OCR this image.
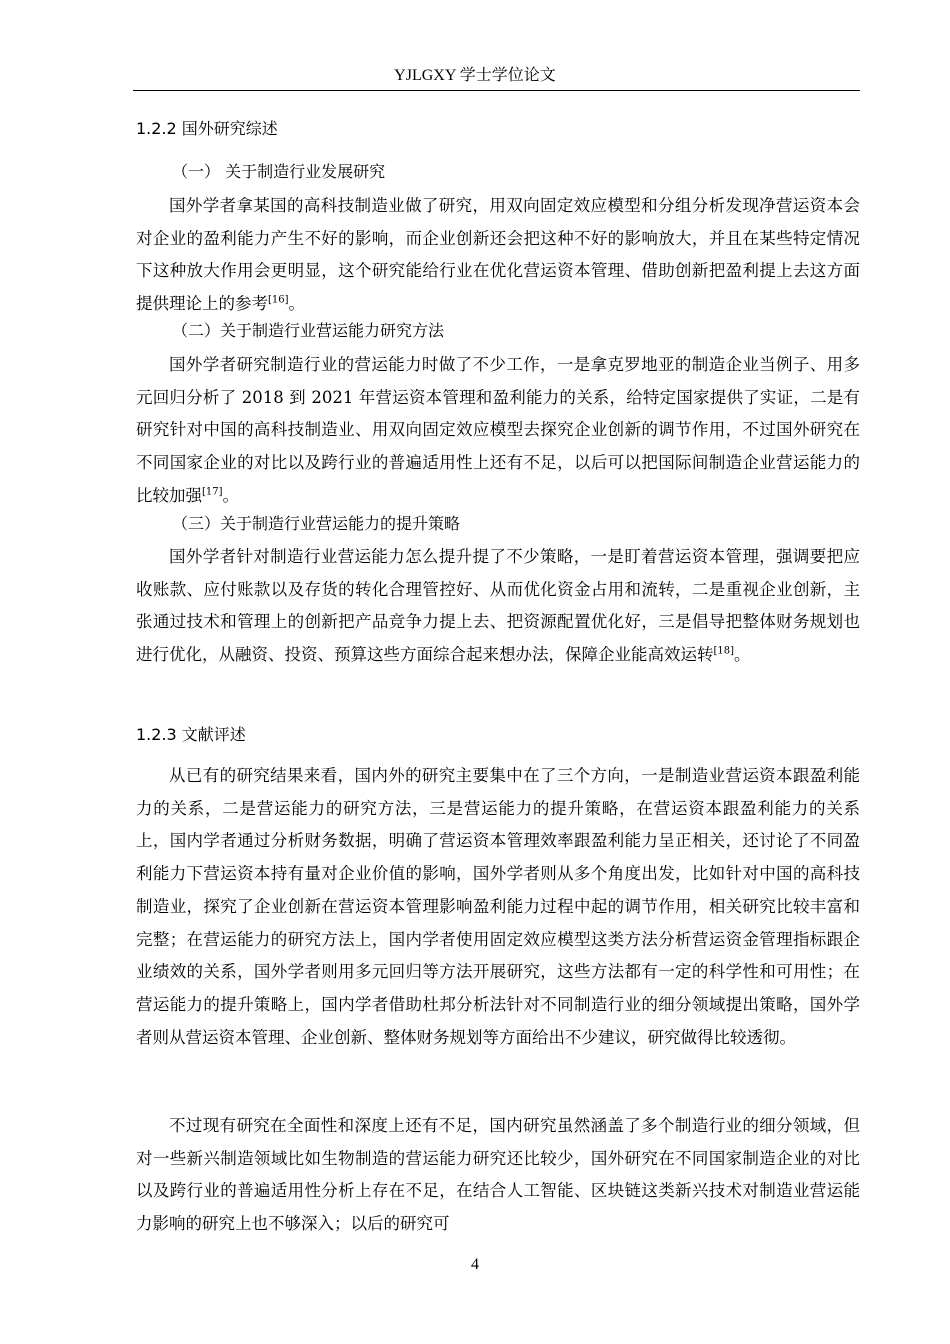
YJLGXY 学士学位论文
1.2.2 国外研究综述
（一） 关于制造行业发展研究

国外学者拿某国的高科技制造业做了研究，用双向固定效应模型和分组分析发现净营运资本会对企业的盈利能力产生不好的影响，而企业创新还会把这种不好的影响放大，并且在某些特定情况下这种放大作用会更明显，这个研究能给行业在优化营运资本管理、借助创新把盈利提上去这方面提供理论上的参考[16]。

（二）关于制造行业营运能力研究方法

国外学者研究制造行业的营运能力时做了不少工作，一是拿克罗地亚的制造企业当例子、用多元回归分析了 2018 到 2021 年营运资本管理和盈利能力的关系，给特定国家提供了实证，二是有研究针对中国的高科技制造业、用双向固定效应模型去探究企业创新的调节作用，不过国外研究在不同国家企业的对比以及跨行业的普遍适用性上还有不足，以后可以把国际间制造企业营运能力的比较加强[17]。

（三）关于制造行业营运能力的提升策略

国外学者针对制造行业营运能力怎么提升提了不少策略，一是盯着营运资本管理，强调要把应收账款、应付账款以及存货的转化合理管控好、从而优化资金占用和流转，二是重视企业创新，主张通过技术和管理上的创新把产品竞争力提上去、把资源配置优化好，三是倡导把整体财务规划也进行优化，从融资、投资、预算这些方面综合起来想办法，保障企业能高效运转[18]。

1.2.3 文献评述

从已有的研究结果来看，国内外的研究主要集中在了三个方向，一是制造业营运资本跟盈利能力的关系，二是营运能力的研究方法，三是营运能力的提升策略，在营运资本跟盈利能力的关系上，国内学者通过分析财务数据，明确了营运资本管理效率跟盈利能力呈正相关，还讨论了不同盈利能力下营运资本持有量对企业价值的影响，国外学者则从多个角度出发，比如针对中国的高科技制造业，探究了企业创新在营运资本管理影响盈利能力过程中起的调节作用，相关研究比较丰富和完整；在营运能力的研究方法上，国内学者使用固定效应模型这类方法分析营运资金管理指标跟企业绩效的关系，国外学者则用多元回归等方法开展研究，这些方法都有一定的科学性和可用性；在营运能力的提升策略上，国内学者借助杜邦分析法针对不同制造行业的细分领域提出策略，国外学者则从营运资本管理、企业创新、整体财务规划等方面给出不少建议，研究做得比较透彻。

不过现有研究在全面性和深度上还有不足，国内研究虽然涵盖了多个制造行业的细分领域，但对一些新兴制造领域比如生物制造的营运能力研究还比较少，国外研究在不同国家制造企业的对比以及跨行业的普遍适用性分析上存在不足，在结合人工智能、区块链这类新兴技术对制造业营运能力影响的研究上也不够深入；以后的研究可

4
